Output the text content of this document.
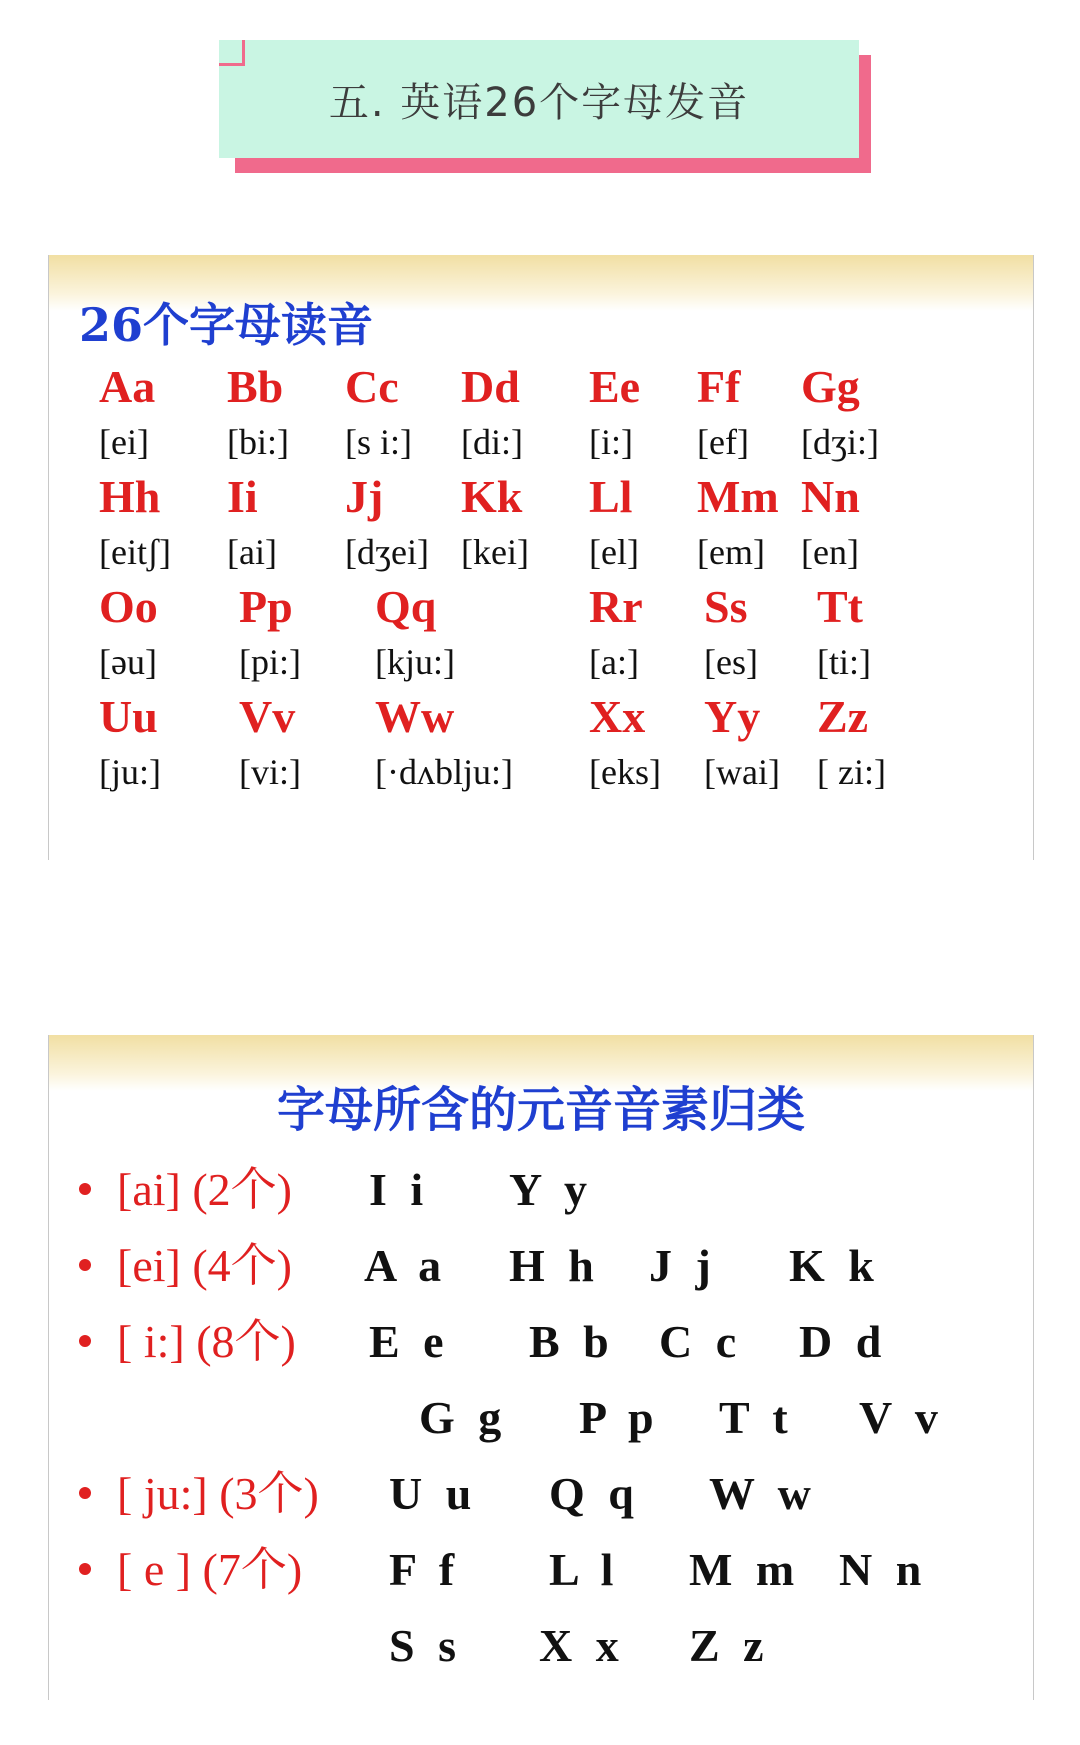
五. 英语26个字母发音
26个字母读音
Aa
[ei]
Bb
[bi:]
Cc
[s i:]
Dd
[di:]
Ee
[i:]
Ff
[ef]
Gg
[dʒi:]
Hh
[eitʃ]
Ii
[ai]
Jj
[dʒei]
Kk
[kei]
Ll
[el]
Mm
[em]
Nn
[en]
Oo
[əu]
Pp
[pi:]
Qq
[kju:]
Rr
[a:]
Ss
[es]
Tt
[ti:]
Uu
[ju:]
Vv
[vi:]
Ww
[·dʌblju:]
Xx
[eks]
Yy
[wai]
Zz
[ zi:]
字母所含的元音音素归类
[ai] (2个) I i Y y
[ei] (4个) A a H h J j K k
[ i:] (8个) E e B b C c D d
G g P p T t V v
[ ju:] (3个) U u Q q W w
[ e ] (7个) F f L l M m N n
S s X x Z z
